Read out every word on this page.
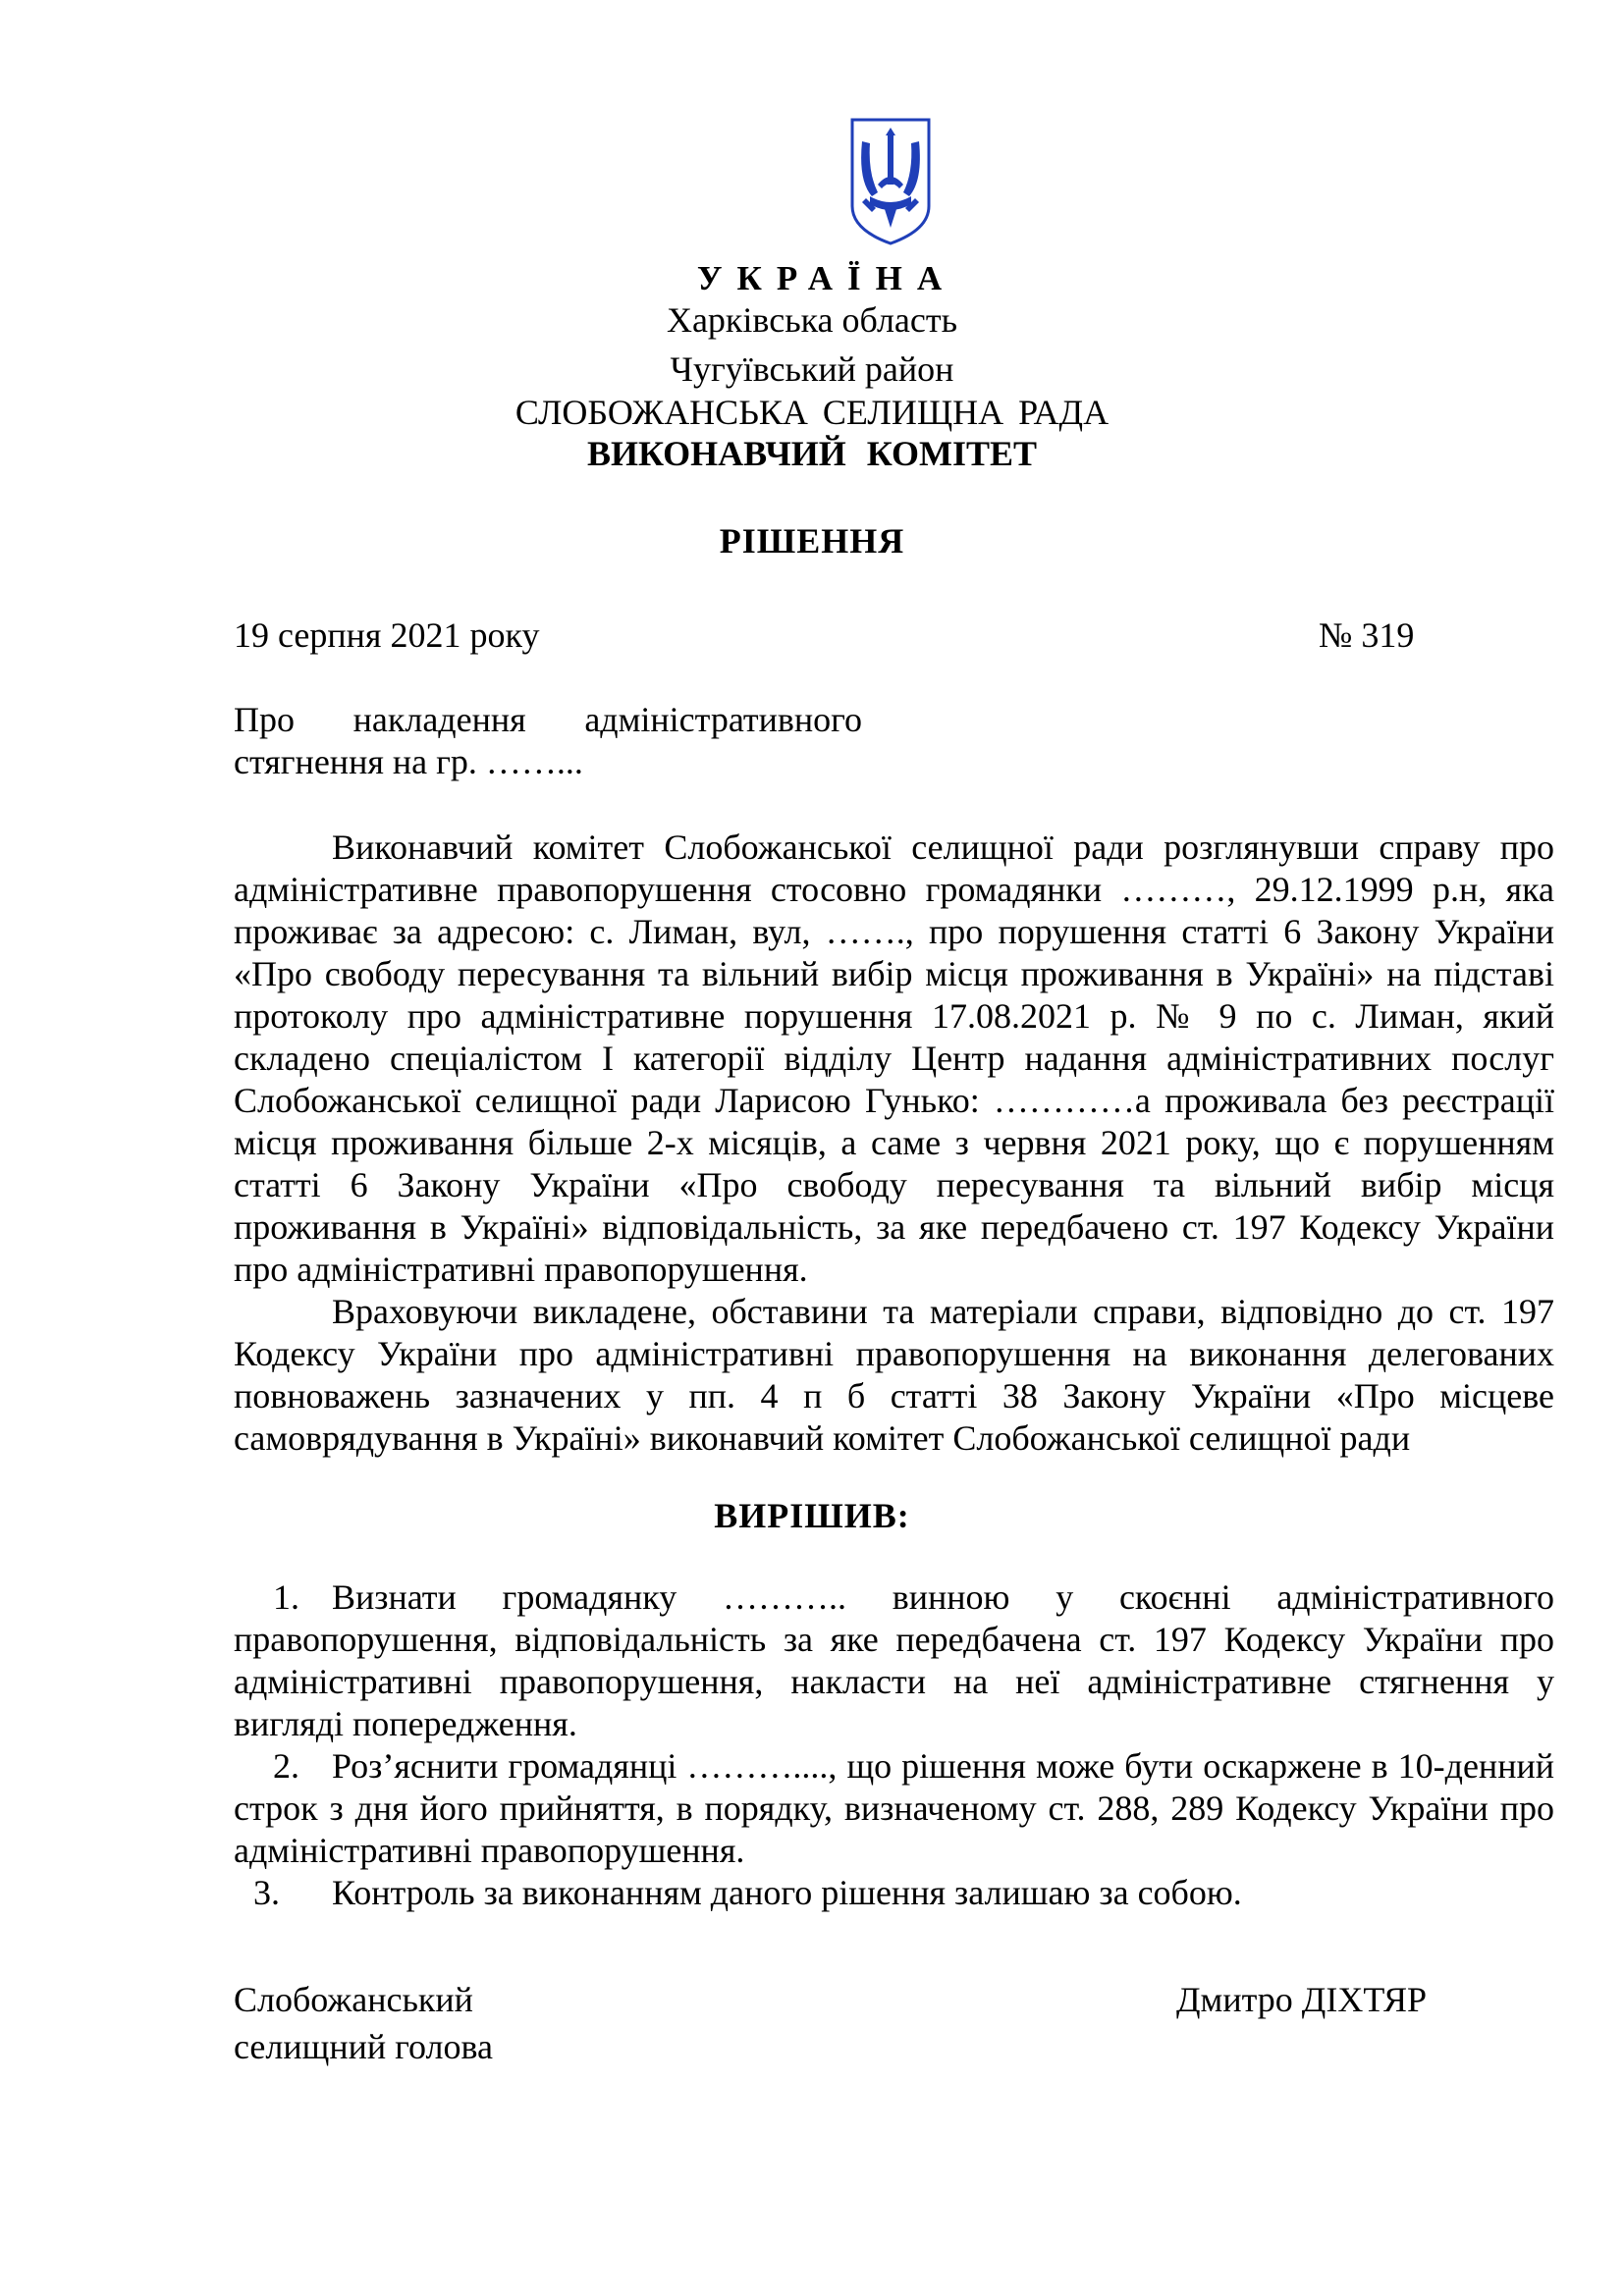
УКРАЇНА
Харківська область
Чугуївський район
СЛОБОЖАНСЬКА СЕЛИЩНА РАДА
ВИКОНАВЧИЙ КОМІТЕТ
РІШЕННЯ
19 серпня 2021 року	№ 319
Про накладення адміністративного
стягнення на гр. ……...
Виконавчий комітет Слобожанської селищної ради розглянувши справу про
адміністративне правопорушення стосовно громадянки ………, 29.12.1999 р.н, яка
проживає за адресою: с. Лиман, вул, ……., про порушення статті 6 Закону України
«Про свободу пересування та вільний вибір місця проживання в Україні» на підставі
протоколу про адміністративне порушення 17.08.2021 р. № 9 по с. Лиман, який
складено спеціалістом І категорії відділу Центр надання адміністративних послуг
Слобожанської селищної ради Ларисою Гунько: …………а проживала без реєстрації
місця проживання більше 2-х місяців, а саме з червня 2021 року, що є порушенням
статті 6 Закону України «Про свободу пересування та вільний вибір місця
проживання в Україні» відповідальність, за яке передбачено ст. 197 Кодексу України
про адміністративні правопорушення.
Враховуючи викладене, обставини та матеріали справи, відповідно до ст. 197
Кодексу України про адміністративні правопорушення на виконання делегованих
повноважень зазначених у пп. 4 п б статті 38 Закону України «Про місцеве
самоврядування в Україні» виконавчий комітет Слобожанської селищної ради
ВИРІШИВ:
1. Визнати громадянку ……….. винною у скоєнні адміністративного
правопорушення, відповідальність за яке передбачена ст. 197 Кодексу України про
адміністративні правопорушення, накласти на неї адміністративне стягнення у
вигляді попередження.
2. Роз’яснити громадянці ………...., що рішення може бути оскаржене в 10-денний
строк з дня його прийняття, в порядку, визначеному ст. 288, 289 Кодексу України про
адміністративні правопорушення.
3. Контроль за виконанням даного рішення залишаю за собою.
Слобожанський
селищний голова
Дмитро ДІХТЯР
